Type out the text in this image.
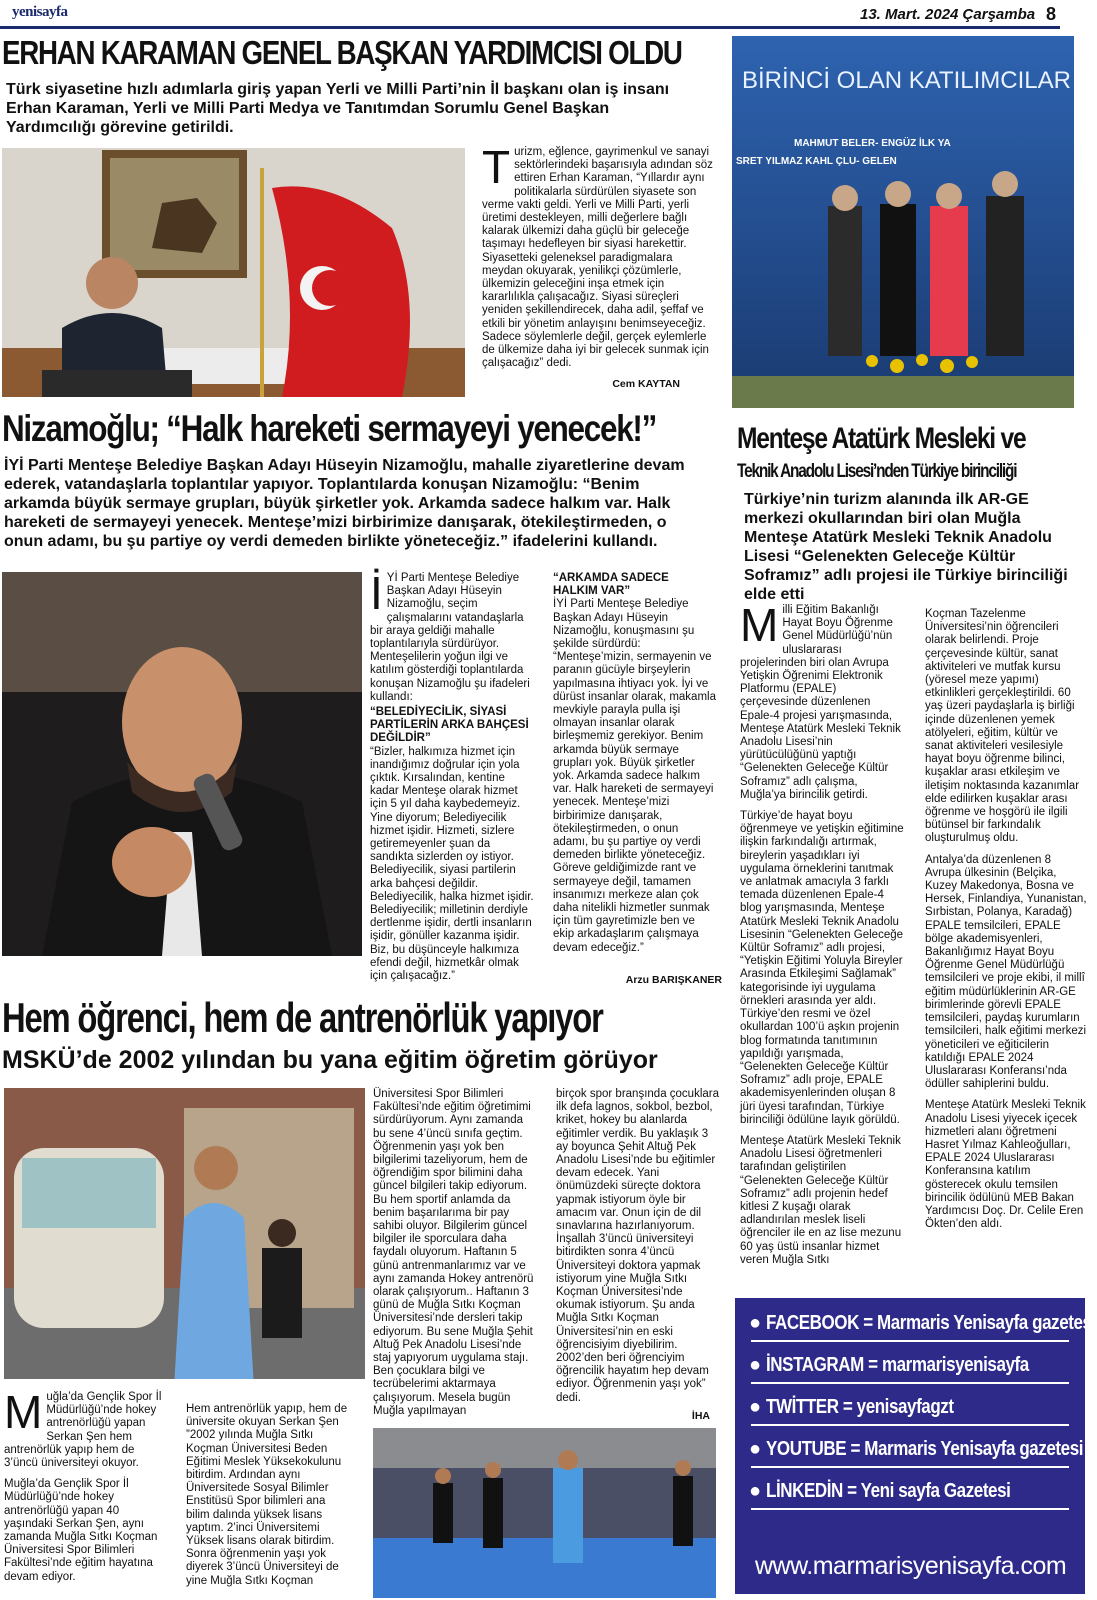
yenisayfa	13. Mart. 2024 Çarşamba 8
ERHAN KARAMAN GENEL BAŞKAN YARDIMCISI OLDU
Türk siyasetine hızlı adımlarla giriş yapan Yerli ve Milli Parti’nin İl başkanı olan iş insanı Erhan Karaman, Yerli ve Milli Parti Medya ve Tanıtımdan Sorumlu Genel Başkan Yardımcılığı görevine getirildi.
Turizm, eğlence, gayrimenkul ve sanayi sektörlerindeki başarısıyla adından söz ettiren Erhan Karaman, “Yıllardır aynı politikalarla sürdürülen siyasete son verme vakti geldi. Yerli ve Milli Parti, yerli üretimi destekleyen, milli değerlere bağlı kalarak ülkemizi daha güçlü bir geleceğe taşımayı hedefleyen bir siyasi harekettir. Siyasetteki geleneksel paradigmalara meydan okuyarak, yenilikçi çözümlerle, ülkemizin geleceğini inşa etmek için kararlılıkla çalışacağız. Siyasi süreçleri yeniden şekillendirecek, daha adil, şeffaf ve etkili bir yönetim anlayışını benimseyeceğiz. Sadece söylemlerle değil, gerçek eylemlerle de ülkemize daha iyi bir gelecek sunmak için çalışacağız” dedi.
Cem KAYTAN
BİRİNCİ OLAN KATILIMCILAR
MAHMUT BELER- ENGÜZ İLK YA
SRET YILMAZ KAHL ÇLU- GELEN
Nizamoğlu; “Halk hareketi sermayeyi yenecek!”
İYİ Parti Menteşe Belediye Başkan Adayı Hüseyin Nizamoğlu, mahalle ziyaretlerine devam ederek, vatandaşlarla toplantılar yapıyor. Toplantılarda konuşan Nizamoğlu: “Benim arkamda büyük sermaye grupları, büyük şirketler yok. Arkamda sadece halkım var. Halk hareketi de sermayeyi yenecek. Menteşe’mizi birbirimize danışarak, ötekileştirmeden, o onun adamı, bu şu partiye oy verdi demeden birlikte yöneteceğiz.” ifadelerini kullandı.
İYİ Parti Menteşe Belediye Başkan Adayı Hüseyin Nizamoğlu, seçim çalışmalarını vatandaşlarla bir araya geldiği mahalle toplantılarıyla sürdürüyor. Menteşelilerin yoğun ilgi ve katılım gösterdiği toplantılarda konuşan Nizamoğlu şu ifadeleri kullandı:
“BELEDİYECİLİK, SİYASİ PARTİLERİN ARKA BAHÇESİ DEĞİLDİR”
“Bizler, halkımıza hizmet için inandığımız doğrular için yola çıktık. Kırsalından, kentine kadar Menteşe olarak hizmet için 5 yıl daha kaybedemeyiz. Yine diyorum; Belediyecilik hizmet işidir. Hizmeti, sizlere getiremeyenler şuan da sandıkta sizlerden oy istiyor. Belediyecilik, siyasi partilerin arka bahçesi değildir. Belediyecilik, halka hizmet işidir. Belediyecilik; milletinin derdiyle dertlenme işidir, dertli insanların işidir, gönüller kazanma işidir. Biz, bu düşünceyle halkımıza efendi değil, hizmetkâr olmak için çalışacağız.”
“ARKAMDA SADECE HALKIM VAR”
İYİ Parti Menteşe Belediye Başkan Adayı Hüseyin Nizamoğlu, konuşmasını şu şekilde sürdürdü: “Menteşe’mizin, sermayenin ve paranın gücüyle birşeylerin yapılmasına ihtiyacı yok. İyi ve dürüst insanlar olarak, makamla mevkiyle parayla pulla işi olmayan insanlar olarak birleşmemiz gerekiyor. Benim arkamda büyük sermaye grupları yok. Büyük şirketler yok. Arkamda sadece halkım var. Halk hareketi de sermayeyi yenecek. Menteşe’mizi birbirimize danışarak, ötekileştirmeden, o onun adamı, bu şu partiye oy verdi demeden birlikte yöneteceğiz. Göreve geldiğimizde rant ve sermayeye değil, tamamen insanımızı merkeze alan çok daha nitelikli hizmetler sunmak için tüm gayretimizle ben ve ekip arkadaşlarım çalışmaya devam edeceğiz.”
Arzu BARIŞKANER
Menteşe Atatürk Mesleki ve
Teknik Anadolu Lisesi’nden Türkiye birinciliği
Türkiye’nin turizm alanında ilk AR-GE merkezi okullarından biri olan Muğla Menteşe Atatürk Mesleki Teknik Anadolu Lisesi “Gelenekten Geleceğe Kültür Soframız” adlı projesi ile Türkiye birinciliği elde etti

Milli Eğitim Bakanlığı Hayat Boyu Öğrenme Genel Müdürlüğü’nün uluslararası projelerinden biri olan Avrupa Yetişkin Öğrenimi Elektronik Platformu (EPALE) çerçevesinde düzenlenen Epale-4 projesi yarışmasında, Menteşe Atatürk Mesleki Teknik Anadolu Lisesi’nin yürütücülüğünü yaptığı “Gelenekten Geleceğe Kültür Soframız” adlı çalışma, Muğla’ya birincilik getirdi.

Türkiye’de hayat boyu öğrenmeye ve yetişkin eğitimine ilişkin farkındalığı artırmak, bireylerin yaşadıkları iyi uygulama örneklerini tanıtmak ve anlatmak amacıyla 3 farklı temada düzenlenen Epale-4 blog yarışmasında, Menteşe Atatürk Mesleki Teknik Anadolu Lisesinin “Gelenekten Geleceğe Kültür Soframız” adlı projesi, “Yetişkin Eğitimi Yoluyla Bireyler Arasında Etkileşimi Sağlamak” kategorisinde iyi uygulama örnekleri arasında yer aldı. Türkiye’den resmi ve özel okullardan 100’ü aşkın projenin blog formatında tanıtımının yapıldığı yarışmada, “Gelenekten Geleceğe Kültür Soframız” adlı proje, EPALE akademisyenlerinden oluşan 8 jüri üyesi tarafından, Türkiye birinciliği ödülüne layık görüldü.

Menteşe Atatürk Mesleki Teknik Anadolu Lisesi öğretmenleri tarafından geliştirilen “Gelenekten Geleceğe Kültür Soframız” adlı projenin hedef kitlesi Z kuşağı olarak adlandırılan meslek liseli öğrenciler ile en az lise mezunu 60 yaş üstü insanlar hizmet veren Muğla Sıtkı

Koçman Tazelenme Üniversitesi’nin öğrencileri olarak belirlendi. Proje çerçevesinde kültür, sanat aktiviteleri ve mutfak kursu (yöresel meze yapımı) etkinlikleri gerçekleştirildi. 60 yaş üzeri paydaşlarla iş birliği içinde düzenlenen yemek atölyeleri, eğitim, kültür ve sanat aktiviteleri vesilesiyle hayat boyu öğrenme bilinci, kuşaklar arası etkileşim ve iletişim noktasında kazanımlar elde edilirken kuşaklar arası öğrenme ve hoşgörü ile ilgili bütünsel bir farkındalık oluşturulmuş oldu.

Antalya’da düzenlenen 8 Avrupa ülkesinin (Belçika, Kuzey Makedonya, Bosna ve Hersek, Finlandiya, Yunanistan, Sırbistan, Polanya, Karadağ) EPALE temsilcileri, EPALE bölge akademisyenleri, Bakanlığımız Hayat Boyu Öğrenme Genel Müdürlüğü temsilcileri ve proje ekibi, il millî eğitim müdürlüklerinin AR-GE birimlerinde görevli EPALE temsilcileri, paydaş kurumların temsilcileri, halk eğitimi merkezi yöneticileri ve eğiticilerin katıldığı EPALE 2024 Uluslararası Konferansı’nda ödüller sahiplerini buldu.

Menteşe Atatürk Mesleki Teknik Anadolu Lisesi yiyecek içecek hizmetleri alanı öğretmeni Hasret Yılmaz Kahleoğulları, EPALE 2024 Uluslararası Konferansına katılım gösterecek okulu temsilen birincilik ödülünü MEB Bakan Yardımcısı Doç. Dr. Celile Eren Ökten’den aldı.

Hem öğrenci, hem de antrenörlük yapıyor
MSKÜ’de 2002 yılından bu yana eğitim öğretim görüyor

Muğla’da Gençlik Spor İl Müdürlüğü’nde hokey antrenörlüğü yapan Serkan Şen hem antrenörlük yapıp hem de 3’üncü üniversiteyi okuyor.

Muğla’da Gençlik Spor İl Müdürlüğü’nde hokey antrenörlüğü yapan 40 yaşındaki Serkan Şen, aynı zamanda Muğla Sıtkı Koçman Üniversitesi Spor Bilimleri Fakültesi’nde eğitim hayatına devam ediyor.

Hem antrenörlük yapıp, hem de üniversite okuyan Serkan Şen ”2002 yılında Muğla Sıtkı Koçman Üniversitesi Beden Eğitimi Meslek Yüksekokulunu bitirdim. Ardından aynı Üniversitede Sosyal Bilimler Enstitüsü Spor bilimleri ana bilim dalında yüksek lisans yaptım. 2’inci Üniversitemi Yüksek lisans olarak bitirdim. Sonra öğrenmenin yaşı yok diyerek 3’üncü Üniversiteyi de yine Muğla Sıtkı Koçman

Üniversitesi Spor Bilimleri Fakültesi’nde eğitim öğretimimi sürdürüyorum. Aynı zamanda bu sene 4’üncü sınıfa geçtim. Öğrenmenin yaşı yok ben bilgilerimi tazeliyorum, hem de öğrendiğim spor bilimini daha güncel bilgileri takip ediyorum. Bu hem sportif anlamda da benim başarılarıma bir pay sahibi oluyor. Bilgilerim güncel bilgiler ile sporculara daha faydalı oluyorum. Haftanın 5 günü antrenmanlarımız var ve aynı zamanda Hokey antrenörü olarak çalışıyorum.. Haftanın 3 günü de Muğla Sıtkı Koçman Üniversitesi’nde dersleri takip ediyorum. Bu sene Muğla Şehit Altuğ Pek Anadolu Lisesi’nde staj yapıyorum uygulama stajı. Ben çocuklara bilgi ve tecrübelerimi aktarmaya çalışıyorum. Mesela bugün Muğla yapılmayan

birçok spor branşında çocuklara ilk defa lagnos, sokbol, bezbol, kriket, hokey bu alanlarda eğitimler verdik. Bu yaklaşık 3 ay boyunca Şehit Altuğ Pek Anadolu Lisesi’nde bu eğitimler devam edecek. Yani önümüzdeki süreçte doktora yapmak istiyorum öyle bir amacım var. Onun için de dil sınavlarına hazırlanıyorum. İnşallah 3’üncü üniversiteyi bitirdikten sonra 4’üncü Üniversiteyi doktora yapmak istiyorum yine Muğla Sıtkı Koçman Üniversitesi’nde okumak istiyorum. Şu anda Muğla Sıtkı Koçman Üniversitesi’nin en eski öğrencisiyim diyebilirim. 2002’den beri öğrenciyim öğrencilik hayatım hep devam ediyor. Öğrenmenin yaşı yok” dedi.

İHA
● FACEBOOK = Marmaris Yenisayfa gazetesi
● İNSTAGRAM = marmarisyenisayfa
● TWİTTER = yenisayfagzt
● YOUTUBE = Marmaris Yenisayfa gazetesi
● LİNKEDİN = Yeni sayfa Gazetesi
www.marmarisyenisayfa.com
